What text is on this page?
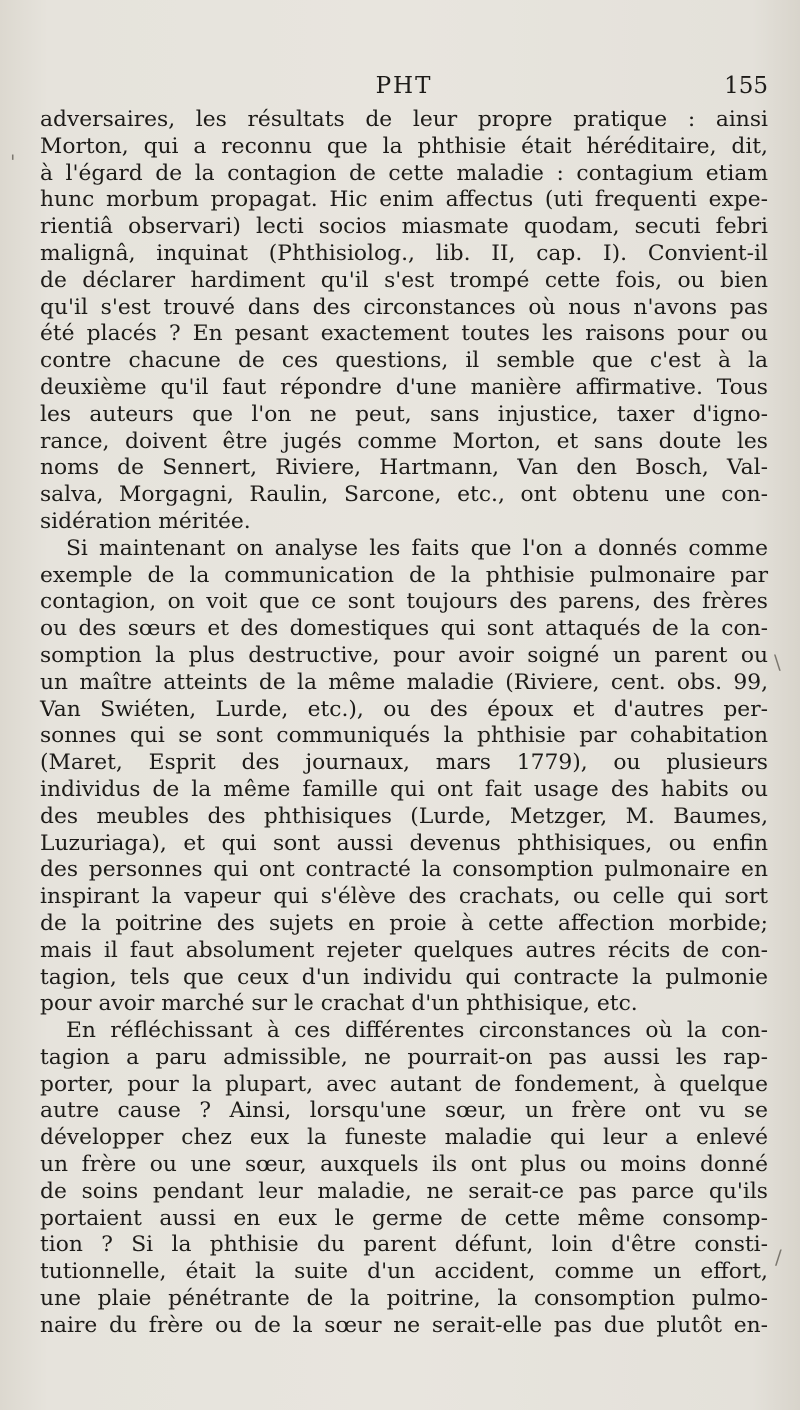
PHT	155
adversaires, les résultats de leur propre pratique : ainsi
Morton, qui a reconnu que la phthisie était héréditaire, dit,
à l'égard de la contagion de cette maladie : contagium etiam
hunc morbum propagat. Hic enim affectus (uti frequenti expe-
rientiâ observari) lecti socios miasmate quodam, secuti febri
malignâ, inquinat (Phthisiolog., lib. II, cap. I). Convient-il
de déclarer hardiment qu'il s'est trompé cette fois, ou bien
qu'il s'est trouvé dans des circonstances où nous n'avons pas
été placés ? En pesant exactement toutes les raisons pour ou
contre chacune de ces questions, il semble que c'est à la
deuxième qu'il faut répondre d'une manière affirmative. Tous
les auteurs que l'on ne peut, sans injustice, taxer d'igno-
rance, doivent être jugés comme Morton, et sans doute les
noms de Sennert, Riviere, Hartmann, Van den Bosch, Val-
salva, Morgagni, Raulin, Sarcone, etc., ont obtenu une con-
sidération méritée.
Si maintenant on analyse les faits que l'on a donnés comme
exemple de la communication de la phthisie pulmonaire par
contagion, on voit que ce sont toujours des parens, des frères
ou des sœurs et des domestiques qui sont attaqués de la con-
somption la plus destructive, pour avoir soigné un parent ou
un maître atteints de la même maladie (Riviere, cent. obs. 99,
Van Swiéten, Lurde, etc.), ou des époux et d'autres per-
sonnes qui se sont communiqués la phthisie par cohabitation
(Maret, Esprit des journaux, mars 1779), ou plusieurs
individus de la même famille qui ont fait usage des habits ou
des meubles des phthisiques (Lurde, Metzger, M. Baumes,
Luzuriaga), et qui sont aussi devenus phthisiques, ou enfin
des personnes qui ont contracté la consomption pulmonaire en
inspirant la vapeur qui s'élève des crachats, ou celle qui sort
de la poitrine des sujets en proie à cette affection morbide;
mais il faut absolument rejeter quelques autres récits de con-
tagion, tels que ceux d'un individu qui contracte la pulmonie
pour avoir marché sur le crachat d'un phthisique, etc.
En réfléchissant à ces différentes circonstances où la con-
tagion a paru admissible, ne pourrait-on pas aussi les rap-
porter, pour la plupart, avec autant de fondement, à quelque
autre cause ? Ainsi, lorsqu'une sœur, un frère ont vu se
développer chez eux la funeste maladie qui leur a enlevé
un frère ou une sœur, auxquels ils ont plus ou moins donné
de soins pendant leur maladie, ne serait-ce pas parce qu'ils
portaient aussi en eux le germe de cette même consomp-
tion ? Si la phthisie du parent défunt, loin d'être consti-
tutionnelle, était la suite d'un accident, comme un effort,
une plaie pénétrante de la poitrine, la consomption pulmo-
naire du frère ou de la sœur ne serait-elle pas due plutôt en-
'
\
/
